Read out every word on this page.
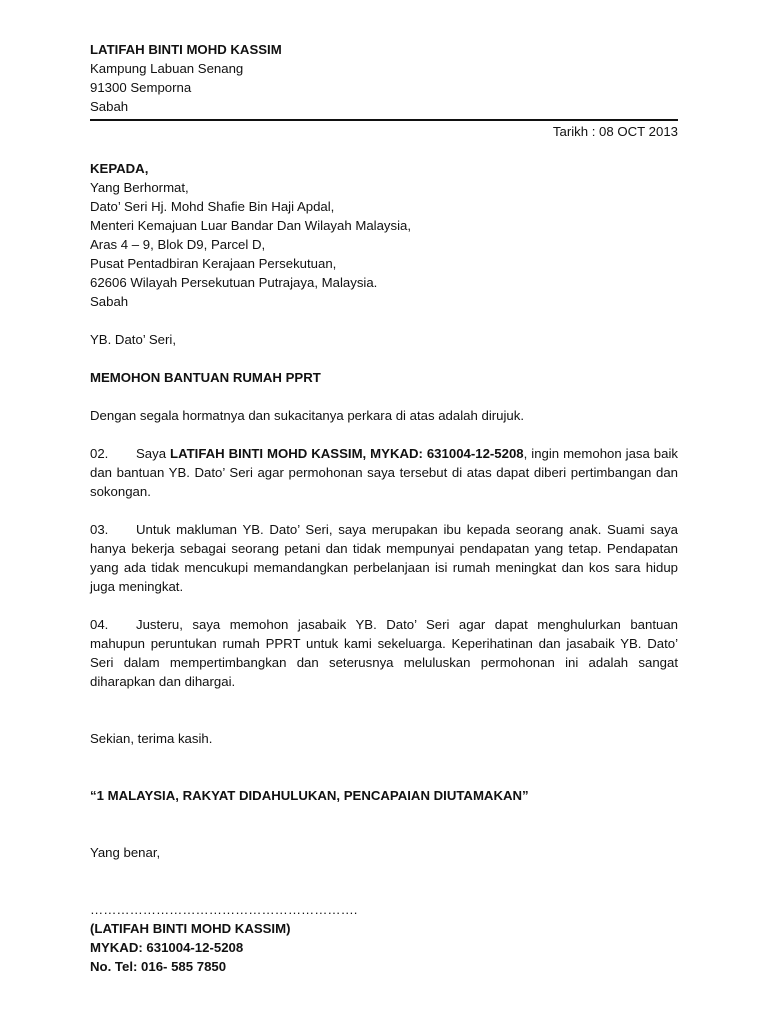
LATIFAH BINTI MOHD KASSIM
Kampung Labuan Senang
91300 Semporna
Sabah
Tarikh : 08 OCT 2013
KEPADA,
Yang Berhormat,
Dato’ Seri Hj. Mohd Shafie Bin Haji Apdal,
Menteri Kemajuan Luar Bandar Dan Wilayah Malaysia,
Aras 4 – 9, Blok D9, Parcel D,
Pusat Pentadbiran Kerajaan Persekutuan,
62606 Wilayah Persekutuan Putrajaya, Malaysia.
Sabah
YB. Dato’ Seri,
MEMOHON BANTUAN RUMAH PPRT
Dengan segala hormatnya dan sukacitanya perkara di atas adalah dirujuk.
02. Saya LATIFAH BINTI MOHD KASSIM, MYKAD: 631004-12-5208, ingin memohon jasa baik dan bantuan YB. Dato’ Seri agar permohonan saya tersebut di atas dapat diberi pertimbangan dan sokongan.
03. Untuk makluman YB. Dato’ Seri, saya merupakan ibu kepada seorang anak. Suami saya hanya bekerja sebagai seorang petani dan tidak mempunyai pendapatan yang tetap. Pendapatan yang ada tidak mencukupi memandangkan perbelanjaan isi rumah meningkat dan kos sara hidup juga meningkat.
04. Justeru, saya memohon jasabaik YB. Dato’ Seri agar dapat menghulurkan bantuan mahupun peruntukan rumah PPRT untuk kami sekeluarga. Keperihatinan dan jasabaik YB. Dato’ Seri dalam mempertimbangkan dan seterusnya meluluskan permohonan ini adalah sangat diharapkan dan dihargai.
Sekian, terima kasih.
“1 MALAYSIA, RAKYAT DIDAHULUKAN, PENCAPAIAN DIUTAMAKAN”
Yang benar,
…………………………………………………….
(LATIFAH BINTI MOHD KASSIM)
MYKAD: 631004-12-5208
No. Tel: 016- 585 7850
